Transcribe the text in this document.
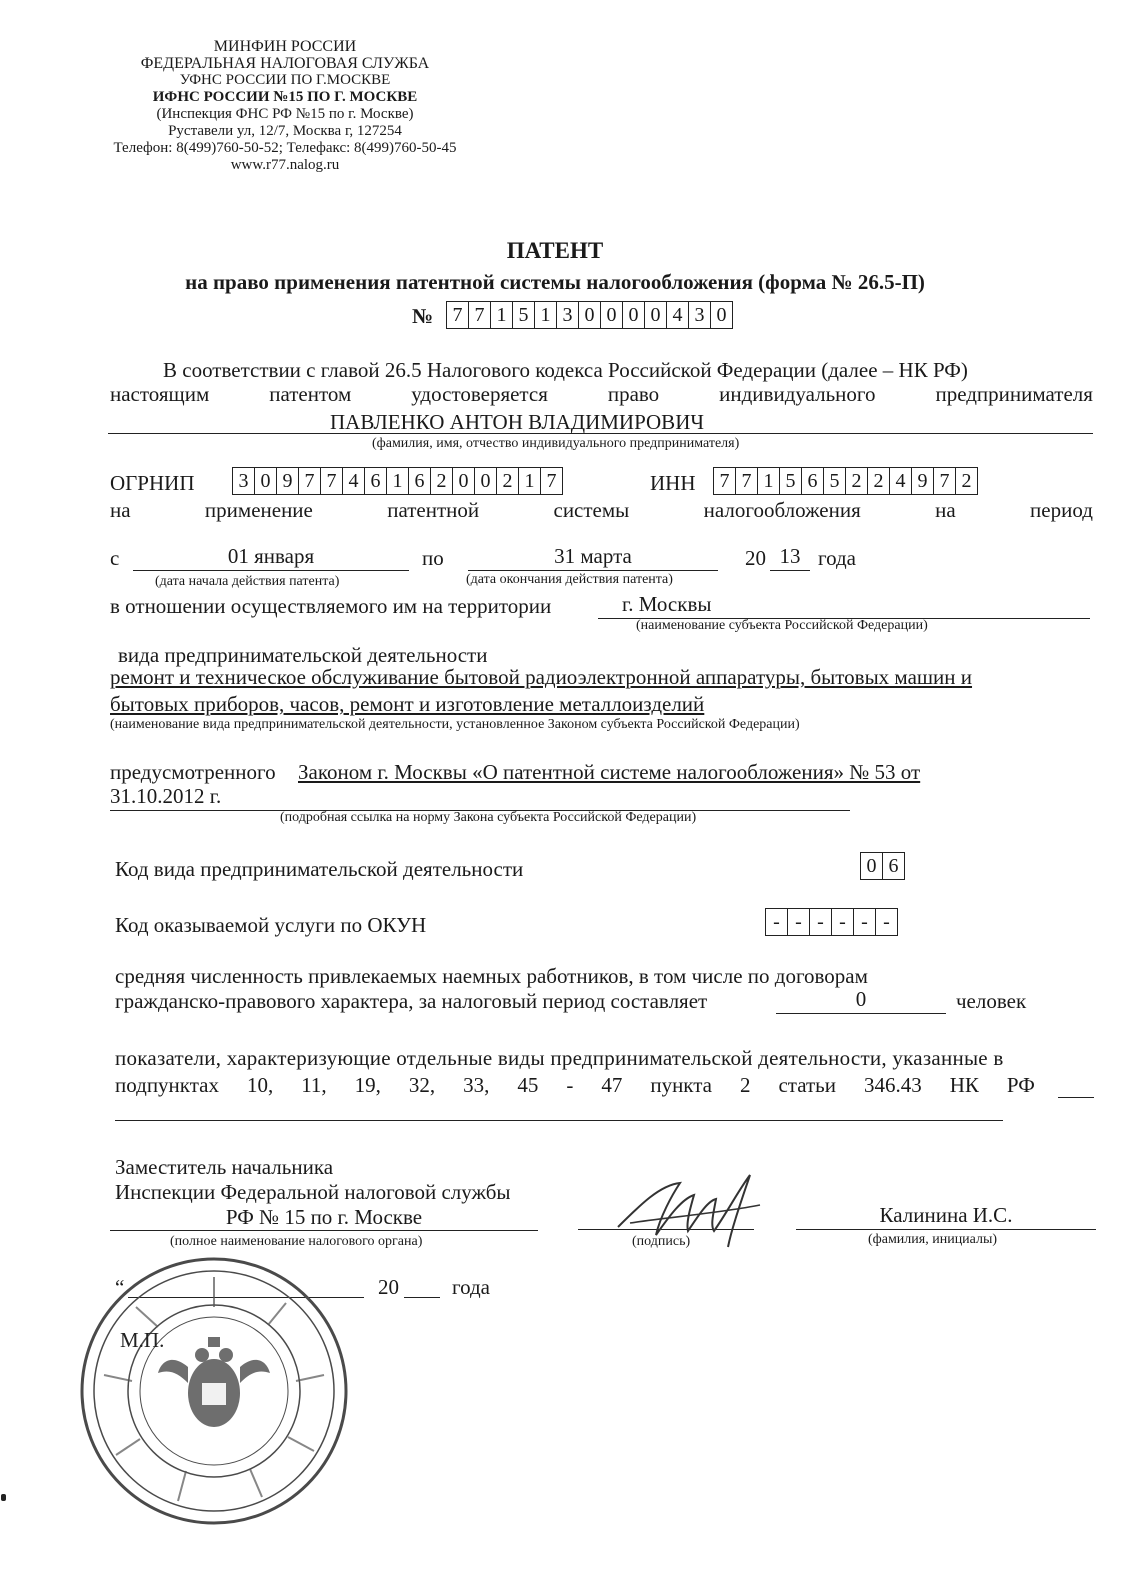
МИНФИН РОССИИ
ФЕДЕРАЛЬНАЯ НАЛОГОВАЯ СЛУЖБА
УФНС РОССИИ ПО Г.МОСКВЕ
ИФНС РОССИИ №15 ПО Г. МОСКВЕ
(Инспекция ФНС РФ №15 по г. Москве)
Руставели ул, 12/7, Москва г, 127254
Телефон: 8(499)760-50-52; Телефакс: 8(499)760-50-45
www.r77.nalog.ru
ПАТЕНТ
на право применения патентной системы налогообложения (форма № 26.5-П)
№ 7 7 1 5 1 3 0 0 0 0 4 3 0
В соответствии с главой 26.5 Налогового кодекса Российской Федерации (далее – НК РФ)
настоящим	патентом	удостоверяется	право	индивидуального	предпринимателя
ПАВЛЕНКО АНТОН ВЛАДИМИРОВИЧ
(фамилия, имя, отчество индивидуального предпринимателя)
ОГРНИП	3 0 9 7 7 4 6 1 6 2 0 0 2 1 7	ИНН	7 7 1 5 6 5 2 2 4 9 7 2
на	применение	патентной	системы	налогообложения	на	период
с	01 января	по	31 марта	20 13 года
(дата начала действия патента)	(дата окончания действия патента)
в отношении осуществляемого им на территории	г. Москвы
(наименование субъекта Российской Федерации)
вида предпринимательской деятельности
ремонт и техническое обслуживание бытовой радиоэлектронной аппаратуры, бытовых машин и
бытовых приборов, часов, ремонт и изготовление металлоизделий
(наименование вида предпринимательской деятельности, установленное Законом субъекта Российской Федерации)
предусмотренного Законом г. Москвы «О патентной системе налогообложения» № 53 от
31.10.2012 г.
(подробная ссылка на норму Закона субъекта Российской Федерации)
Код вида предпринимательской деятельности	0 6
Код оказываемой услуги по ОКУН	- - - - - -
средняя численность привлекаемых наемных работников, в том числе по договорам
гражданско-правового характера, за налоговый период составляет	0	человек
показатели, характеризующие отдельные виды предпринимательской деятельности, указанные в
подпунктах 10, 11, 19, 32, 33, 45 - 47 пункта 2 статьи 346.43 НК РФ
Заместитель начальника
Инспекции Федеральной налоговой службы
РФ № 15 по г. Москве
(полное наименование налогового органа)	(подпись)
Калинина И.С.
(фамилия, инициалы)
“	20	года
М.П.
